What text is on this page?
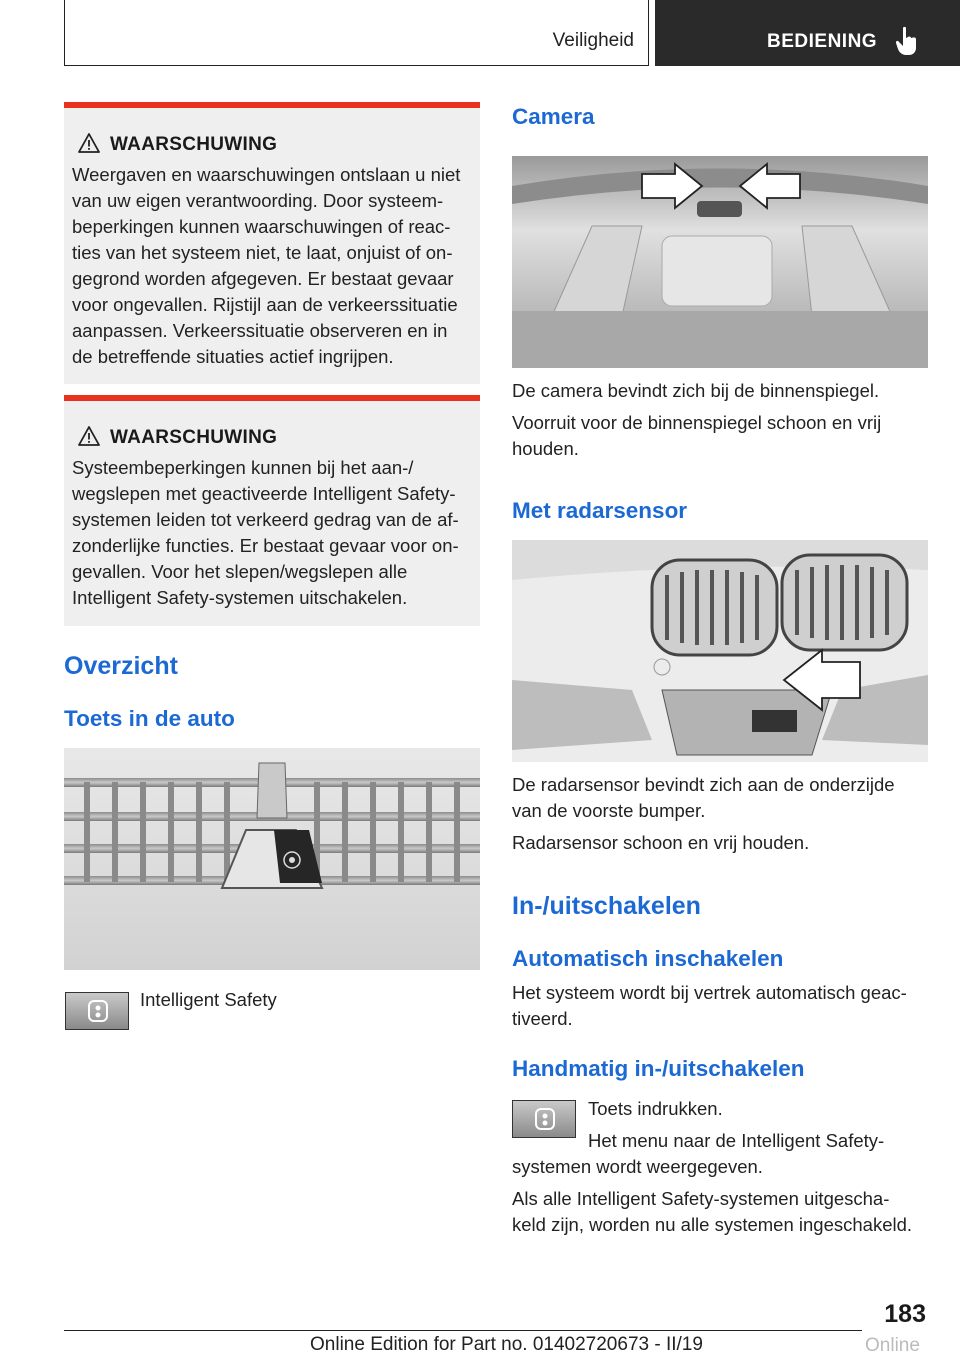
Veiligheid	BEDIENING
WAARSCHUWING
Weergaven en waarschuwingen ontslaan u niet
van uw eigen verantwoording. Door systeem-
beperkingen kunnen waarschuwingen of reac-
ties van het systeem niet, te laat, onjuist of on-
gegrond worden afgegeven. Er bestaat gevaar
voor ongevallen. Rijstijl aan de verkeerssituatie
aanpassen. Verkeerssituatie observeren en in
de betreffende situaties actief ingrijpen.
WAARSCHUWING
Systeembeperkingen kunnen bij het aan-/
wegslepen met geactiveerde Intelligent Safety-
systemen leiden tot verkeerd gedrag van de af-
zonderlijke functies. Er bestaat gevaar voor on-
gevallen. Voor het slepen/wegslepen alle
Intelligent Safety-systemen uitschakelen.
Overzicht
Toets in de auto
Intelligent Safety
Camera
De camera bevindt zich bij de binnenspiegel.
Voorruit voor de binnenspiegel schoon en vrij
houden.
Met radarsensor
De radarsensor bevindt zich aan de onderzijde
van de voorste bumper.
Radarsensor schoon en vrij houden.
In-/uitschakelen
Automatisch inschakelen
Het systeem wordt bij vertrek automatisch geac-
tiveerd.
Handmatig in-/uitschakelen
Toets indrukken.
Het menu naar de Intelligent Safety-
systemen wordt weergegeven.
Als alle Intelligent Safety-systemen uitgescha-
keld zijn, worden nu alle systemen ingeschakeld.
183
Online Edition for Part no. 01402720673 - II/19	Online
